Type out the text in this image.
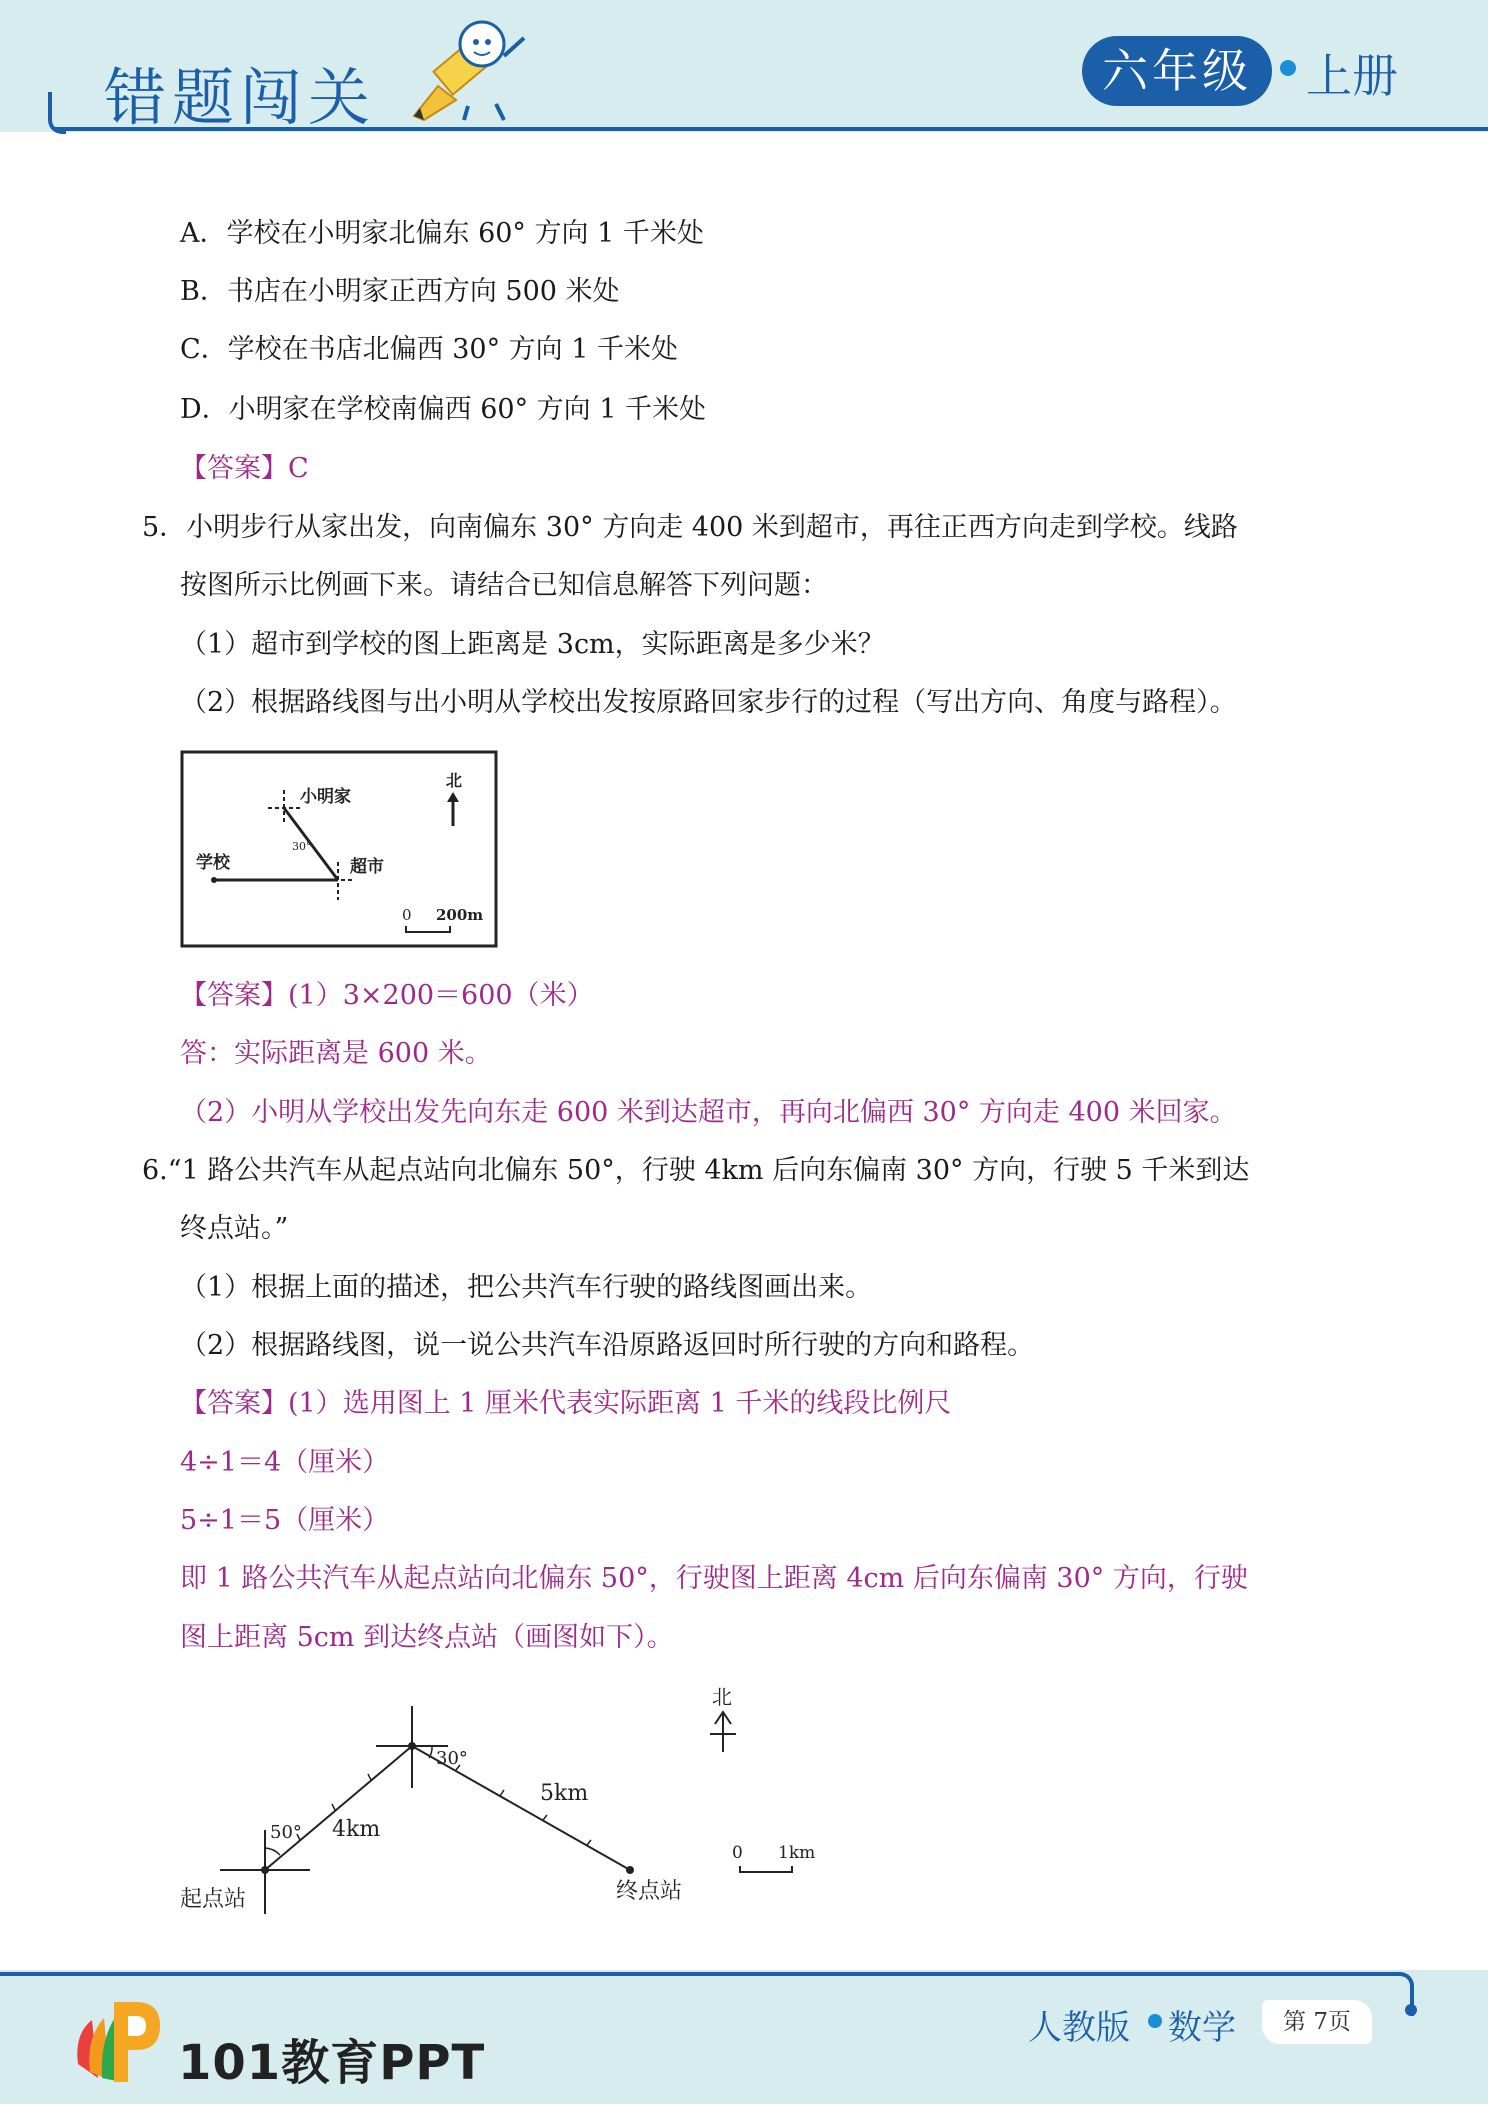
错题闯关	六年级	上册
A．学校在小明家北偏东 60° 方向 1 千米处
B．书店在小明家正西方向 500 米处
C．学校在书店北偏西 30° 方向 1 千米处
D．小明家在学校南偏西 60° 方向 1 千米处
【答案】C
5．小明步行从家出发，向南偏东 30° 方向走 400 米到超市，再往正西方向走到学校。线路
按图所示比例画下来。请结合已知信息解答下列问题：
（1）超市到学校的图上距离是 3cm，实际距离是多少米？
（2）根据路线图与出小明从学校出发按原路回家步行的过程（写出方向、角度与路程）。
小明家
学校	超市
30°
北
0 200m
【答案】(1）3×200＝600（米）
答：实际距离是 600 米。
（2）小明从学校出发先向东走 600 米到达超市，再向北偏西 30° 方向走 400 米回家。
6.“1 路公共汽车从起点站向北偏东 50°，行驶 4km 后向东偏南 30° 方向，行驶 5 千米到达
终点站。”
（1）根据上面的描述，把公共汽车行驶的路线图画出来。
（2）根据路线图，说一说公共汽车沿原路返回时所行驶的方向和路程。
【答案】(1）选用图上 1 厘米代表实际距离 1 千米的线段比例尺
4÷1＝4（厘米）
5÷1＝5（厘米）
即 1 路公共汽车从起点站向北偏东 50°，行驶图上距离 4cm 后向东偏南 30° 方向，行驶
图上距离 5cm 到达终点站（画图如下）。
50°
30°
4km
5km
起点站	终点站
北
0 1km
101教育PPT
人教版 数学	第 7页
